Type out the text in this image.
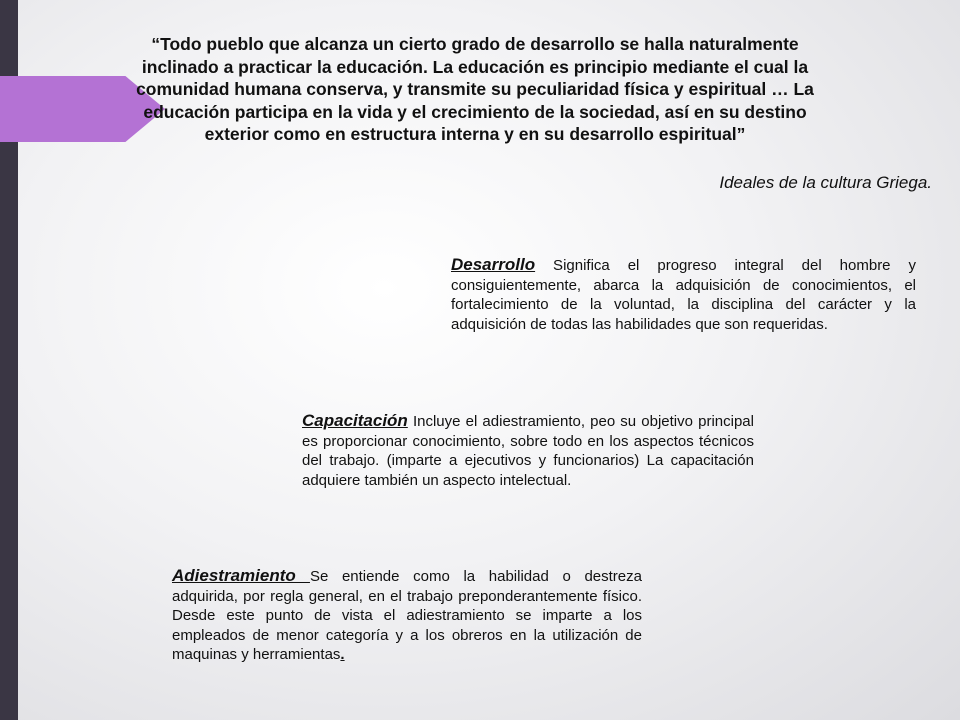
“Todo pueblo que alcanza un cierto grado de desarrollo se halla naturalmente inclinado a practicar la educación. La educación es principio mediante el cual la comunidad humana conserva, y transmite su peculiaridad física y espiritual … La educación participa en la vida y el crecimiento de la sociedad, así en su destino exterior como en estructura interna y en su desarrollo espiritual”

Ideales de la cultura Griega.

Desarrollo Significa el progreso integral del hombre y consiguientemente, abarca la adquisición de conocimientos, el fortalecimiento de la voluntad, la disciplina del carácter y la adquisición de todas las habilidades que son requeridas.

Capacitación Incluye el adiestramiento, peo su objetivo principal es proporcionar conocimiento, sobre todo en los aspectos técnicos del trabajo. (imparte a ejecutivos y funcionarios) La capacitación adquiere también un aspecto intelectual.

Adiestramiento Se entiende como la habilidad o destreza adquirida, por regla general, en el trabajo preponderantemente físico. Desde este punto de vista el adiestramiento se imparte a los empleados de menor categoría y a los obreros en la utilización de maquinas y herramientas.
